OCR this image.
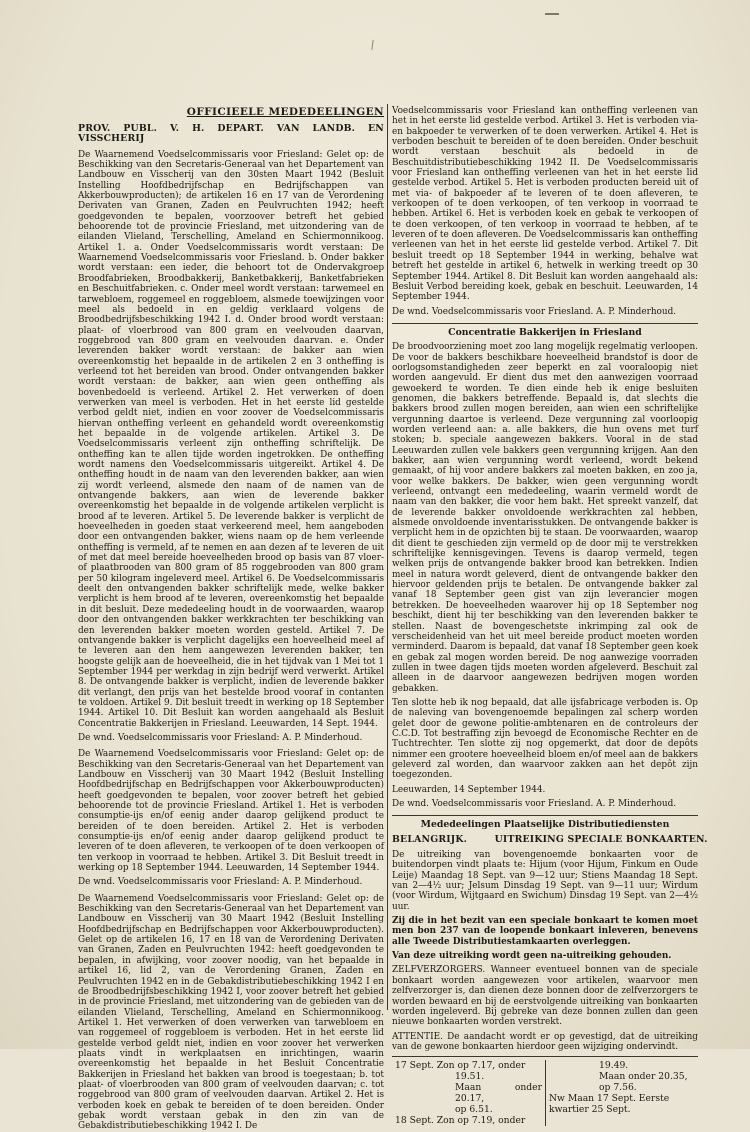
OFFICIEELE MEDEDEELINGEN
PROV. PUBL. V. H. DEPART. VAN LANDB. EN VISSCHERIJ

De Waarnemend Voedselcommissaris voor Friesland: Gelet op: de Beschikking van den Secretaris-Generaal van het Departement van Landbouw en Visscherij van den 30sten Maart 1942 (Besluit Instelling Hoofdbedrijfschap en Bedrijfschappen van Akkerbouwproducten); de artikelen 16 en 17 van de Verordening Derivaten van Granen, Zaden en Peulvruchten 1942; heeft goedgevonden te bepalen, voorzoover betreft het gebied behoorende tot de provincie Friesland, met uitzondering van de eilanden Vlieland, Terschelling, Ameland en Schiermonnikoog. Artikel 1. a. Onder Voedselcommissaris wordt verstaan: De Waarnemend Voedselcommissaris voor Friesland. b. Onder bakker wordt verstaan: een ieder, die behoort tot de Ondervakgroep Broodfabrieken, Broodbakkerij, Banketbakkerij, Banketfabrieken en Beschuitfabrieken. c. Onder meel wordt verstaan: tarwemeel en tarwebloem, roggemeel en roggebloem, alsmede toewijzingen voor meel als bedoeld in en geldig verklaard volgens de Broodbedrijfsbeschikking 1942 I. d. Onder brood wordt verstaan: plaat- of vloerbrood van 800 gram en veelvouden daarvan, roggebrood van 800 gram en veelvouden daarvan. e. Onder leverenden bakker wordt verstaan: de bakker aan wien overeenkomstig het bepaalde in de artikelen 2 en 3 ontheffing is verleend tot het bereiden van brood. Onder ontvangenden bakker wordt verstaan: de bakker, aan wien geen ontheffing als bovenbedoeld is verleend. Artikel 2. Het verwerken of doen verwerken van meel is verboden. Het in het eerste lid gestelde verbod geldt niet, indien en voor zoover de Voedselcommissaris hiervan ontheffing verleent en gehandeld wordt overeenkomstig het bepaalde in de volgende artikelen. Artikel 3. De Voedselcommissaris verleent zijn ontheffing schriftelijk. De ontheffing kan te allen tijde worden ingetrokken. De ontheffing wordt namens den Voedselcommissaris uitgereikt. Artikel 4. De ontheffing houdt in de naam van den leverenden bakker, aan wien zij wordt verleend, alsmede den naam of de namen van de ontvangende bakkers, aan wien de leverende bakker overeenkomstig het bepaalde in de volgende artikelen verplicht is brood af te leveren. Artikel 5. De leverende bakker is verplicht de hoeveelheden in goeden staat verkeerend meel, hem aangeboden door een ontvangenden bakker, wiens naam op de hem verleende ontheffing is vermeld, af te nemen en aan dezen af te leveren de uit of met dat meel bereide hoeveelheden brood op basis van 87 vloer- of plaatbrooden van 800 gram of 85 roggebrooden van 800 gram per 50 kilogram ingeleverd meel. Artikel 6. De Voedselcommissaris deelt den ontvangenden bakker schriftelijk mede, welke bakker verplicht is hem brood af te leveren, overeenkomstig het bepaalde in dit besluit. Deze mededeeling houdt in de voorwaarden, waarop door den ontvangenden bakker werkkrachten ter beschikking van den leverenden bakker moeten worden gesteld. Artikel 7. De ontvangende bakker is verplicht dagelijks een hoeveelheid meel af te leveren aan den hem aangewezen leverenden bakker, ten hoogste gelijk aan de hoeveelheid, die in het tijdvak van 1 Mei tot 1 September 1944 per werkdag in zijn bedrijf werd verwerkt. Artikel 8. De ontvangende bakker is verplicht, indien de leverende bakker dit verlangt, den prijs van het bestelde brood vooraf in contanten te voldoen. Artikel 9. Dit besluit treedt in werking op 18 September 1944. Artikel 10. Dit Besluit kan worden aangehaald als Besluit Concentratie Bakkerijen in Friesland. Leeuwarden, 14 Sept. 1944.

De wnd. Voedselcommissaris voor Friesland: A. P. Minderhoud.

De Waarnemend Voedselcommissaris voor Friesland: Gelet op: de Beschikking van den Secretaris-Generaal van het Departement van Landbouw en Visscherij van 30 Maart 1942 (Besluit Instelling Hoofdbedrijfschap en Bedrijfschappen voor Akkerbouwproducten) heeft goedgevonden te bepalen, voor zoover betreft het gebied behoorende tot de provincie Friesland. Artikel 1. Het is verboden consumptie-ijs en/of eenig ander daarop gelijkend product te bereiden of te doen bereiden. Artikel 2. Het is verboden consumptie-ijs en/of eenig ander daarop gelijkend product te leveren of te doen afleveren, te verkoopen of te doen verkoopen of ten verkoop in voorraad te hebben. Artikel 3. Dit Besluit treedt in werking op 18 September 1944. Leeuwarden, 14 September 1944.

De wnd. Voedselcommissaris voor Friesland: A. P. Minderhoud.

De Waarnemend Voedselcommissaris voor Friesland: Gelet op: de Beschikking van den Secretaris-Generaal van het Departement van Landbouw en Visscherij van 30 Maart 1942 (Besluit Instelling Hoofdbedrijfschap en Bedrijfschappen voor Akkerbouwproducten). Gelet op de artikelen 16, 17 en 18 van de Verordening Derivaten van Granen, Zaden en Peulvruchten 1942: heeft goedgevonden te bepalen, in afwijking, voor zoover noodig, van het bepaalde in artikel 16, lid 2, van de Verordening Granen, Zaden en Peulvruchten 1942 en in de Gebakdistributiebeschikking 1942 I en de Broodbedrijfsbeschikking 1942 I, voor zoover betreft het gebied in de provincie Friesland, met uitzondering van de gebieden van de eilanden Vlieland, Terschelling, Ameland en Schiermonnikoog. Artikel 1. Het verwerken of doen verwerken van tarwebloem en van roggemeel of roggebloem is verboden. Het in het eerste lid gestelde verbod geldt niet, indien en voor zoover het verwerken plaats vindt in werkplaatsen en inrichtingen, waarin overeenkomstig het bepaalde in het Besluit Concentratie Bakkerijen in Friesland het bakken van brood is toegestaan; b. tot plaat- of vloerbrooden van 800 gram of veelvouden daarvan; c. tot roggebrood van 800 gram of veelvouden daarvan. Artikel 2. Het is verboden koek en gebak te bereiden of te doen bereiden. Onder gebak wordt verstaan gebak in den zin van de Gebakdistributiebeschikking 1942 I. De

Voedselcommissaris voor Friesland kan ontheffing verleenen van het in het eerste lid gestelde verbod. Artikel 3. Het is verboden via- en bakpoeder te verwerken of te doen verwerken. Artikel 4. Het is verboden beschuit te bereiden of te doen bereiden. Onder beschuit wordt verstaan beschuit als bedoeld in de Beschuitdistributiebeschikking 1942 II. De Voedselcommissaris voor Friesland kan ontheffing verleenen van het in het eerste lid gestelde verbod. Artikel 5. Het is verboden producten bereid uit of met via- of bakpoeder af te leveren of te doen afleveren, te verkoopen of te doen verkoopen, of ten verkoop in voorraad te hebben. Artikel 6. Het is verboden koek en gebak te verkoopen of te doen verkoopen, of ten verkoop in voorraad te hebben, af te leveren of te doen afleveren. De Voedselcommissaris kan ontheffing verleenen van het in het eerste lid gestelde verbod. Artikel 7. Dit besluit treedt op 18 September 1944 in werking, behalve wat betreft het gestelde in artikel 6, hetwelk in werking treedt op 30 September 1944. Artikel 8. Dit Besluit kan worden aangehaald als: Besluit Verbod bereiding koek, gebak en beschuit. Leeuwarden, 14 September 1944.

De wnd. Voedselcommissaris voor Friesland. A. P. Minderhoud.

Concentratie Bakkerijen in Friesland

De broodvoorziening moet zoo lang mogelijk regelmatig verloopen. De voor de bakkers beschikbare hoeveelheid brandstof is door de oorlogsomstandigheden zeer beperkt en zal vooraloopig niet worden aangevuld. Er dient dus met den aanwezigen voorraad gewoekerd te worden. Te dien einde heb ik enige besluiten genomen, die bakkers betreffende. Bepaald is, dat slechts die bakkers brood zullen mogen bereiden, aan wien een schriftelijke vergunning daartoe is verleend. Deze vergunning zal voorloopig worden verleend aan: a. alle bakkers, die hun ovens met turf stoken; b. speciale aangewezen bakkers. Vooral in de stad Leeuwarden zullen vele bakkers geen vergunning krijgen. Aan den bakker, aan wien vergunning wordt verleend, wordt bekend gemaakt, of hij voor andere bakkers zal moeten bakken, en zoo ja, voor welke bakkers. De bakker, wien geen vergunning wordt verleend, ontvangt een mededeeling, waarin vermeld wordt de naam van den bakker, die voor hem bakt. Het spreekt vanzelf, dat de leverende bakker onvoldoende werkkrachten zal hebben, alsmede onvoldoende inventarisstukken. De ontvangende bakker is verplicht hem in de opzichten bij te staan. De voorwaarden, waarop dit dient te geschieden zijn vermeld op de door mij te verstrekken schriftelijke kennisgevingen. Tevens is daarop vermeld, tegen welken prijs de ontvangende bakker brood kan betrekken. Indien meel in natura wordt geleverd, dient de ontvangende bakker den hiervoor geldenden prijs te betalen. De ontvangende bakker zal vanaf 18 September geen gist van zijn leverancier mogen betrekken. De hoeveelheden waarover hij op 18 September nog beschikt, dient hij ter beschikking van den leverenden bakker te stellen. Naast de bovengeschetste inkrimping zal ook de verscheidenheid van het uit meel bereide product moeten worden verminderd. Daarom is bepaald, dat vanaf 18 September geen koek en gebak zal mogen worden bereid. De nog aanwezige voorraden zullen in twee dagen tijds moeten worden afgeleverd. Beschuit zal alleen in de daarvoor aangewezen bedrijven mogen worden gebakken.

Ten slotte heb ik nog bepaald, dat alle ijsfabricage verboden is. Op de naleving van bovengenoemde bepalingen zal scherp worden gelet door de gewone politie-ambtenaren en de controleurs der C.C.D. Tot bestraffing zijn bevoegd de Economische Rechter en de Tuchtrechter. Ten slotte zij nog opgemerkt, dat door de depôts nimmer een grootere hoeveelheid bloem en/of meel aan de bakkers geleverd zal worden, dan waarvoor zakken aan het depôt zijn toegezonden.

Leeuwarden, 14 September 1944.

De wnd. Voedselcommissaris voor Friesland. A. P. Minderhoud.

Mededeelingen Plaatselijke Distributiediensten

BELANGRIJK.        UITREIKING SPECIALE BONKAARTEN.

De uitreiking van bovengenoemde bonkaarten voor de buitendorpen vindt plaats te: Hijum (voor Hijum, Finkum en Oude Leije) Maandag 18 Sept. van 9—12 uur; Stiens Maandag 18 Sept. van 2—4½ uur; Jelsum Dinsdag 19 Sept. van 9—11 uur; Wirdum (voor Wirdum, Wijtgaard en Swichum) Dinsdag 19 Sept. van 2—4½ uur.

Zij die in het bezit van een speciale bonkaart te komen moet men bon 237 van de loopende bonkaart inleveren, benevens alle Tweede Distributiestamkaarten overleggen.

Van deze uitreiking wordt geen na-uitreiking gehouden.

ZELFVERZORGERS. Wanneer eventueel bonnen van de speciale bonkaart worden aangewezen voor artikelen, waarvoor men zelfverzorger is, dan dienen deze bonnen door de zelfverzorgers te worden bewaard en bij de eerstvolgende uitreiking van bonkaarten worden ingeleverd. Bij gebreke van deze bonnen zullen dan geen nieuwe bonkaarten worden verstrekt.

ATTENTIE. De aandacht wordt er op gevestigd, dat de uitreiking van de gewone bonkaarten hierdoor geen wijziging ondervindt.

17 Sept. Zon op 7.17, onder
19.51.
Maan onder 20.17,
op 6.51.
18 Sept. Zon op 7.19, onder
19.49.
Maan onder 20.35,
op 7.56.
Nw Maan 17 Sept. Eerste
kwartier 25 Sept.
